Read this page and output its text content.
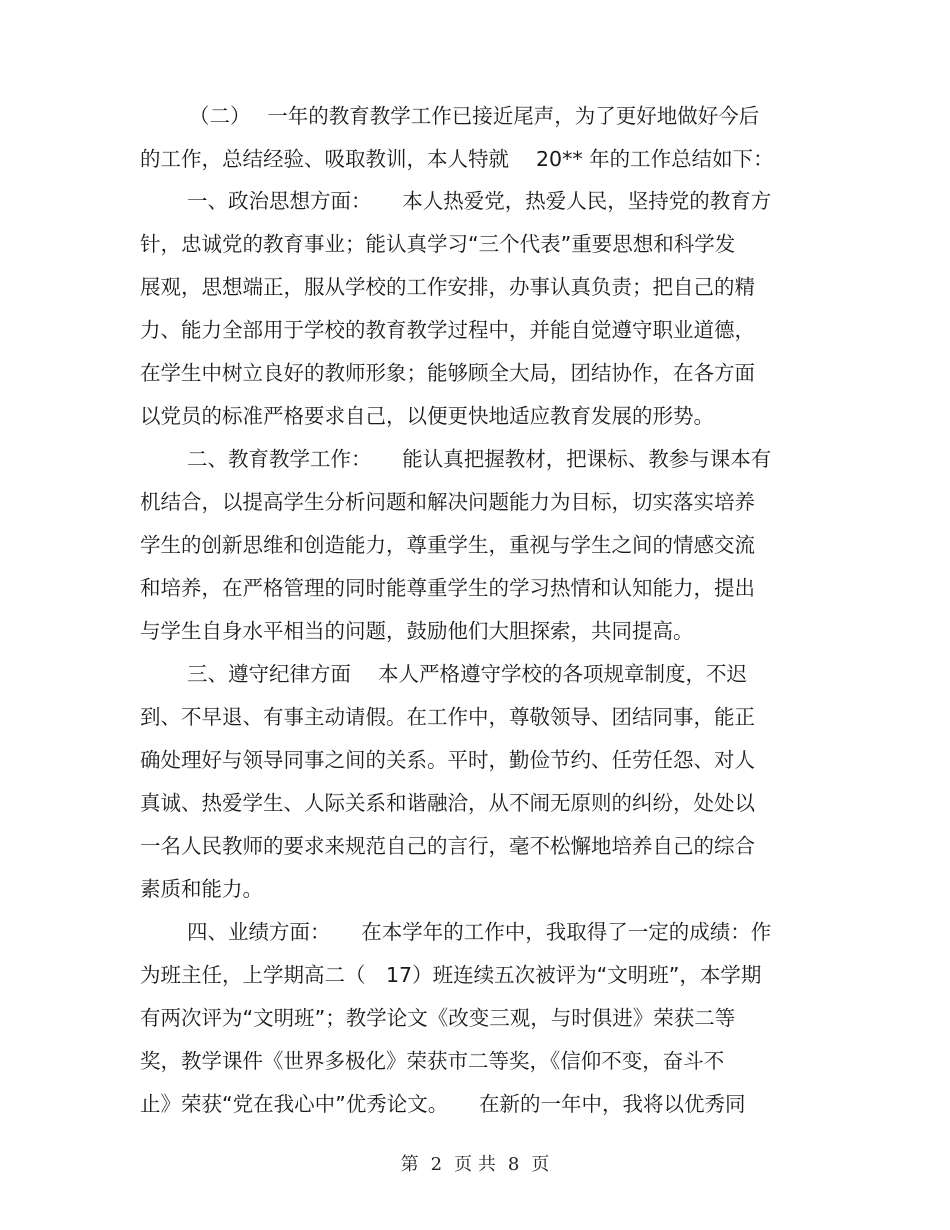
（二）　 一年的教育教学工作已接近尾声，为了更好地做好今后
的工作，总结经验、吸取教训，本人特就　 20** 年的工作总结如下：
一、政治思想方面：　　本人热爱党，热爱人民，坚持党的教育方
针，忠诚党的教育事业；能认真学习“三个代表”重要思想和科学发
展观，思想端正，服从学校的工作安排，办事认真负责；把自己的精
力、能力全部用于学校的教育教学过程中，并能自觉遵守职业道德，
在学生中树立良好的教师形象；能够顾全大局，团结协作，在各方面
以党员的标准严格要求自己，以便更快地适应教育发展的形势。
二、教育教学工作：　　能认真把握教材，把课标、教参与课本有
机结合，以提高学生分析问题和解决问题能力为目标，切实落实培养
学生的创新思维和创造能力，尊重学生，重视与学生之间的情感交流
和培养，在严格管理的同时能尊重学生的学习热情和认知能力，提出
与学生自身水平相当的问题，鼓励他们大胆探索，共同提高。
三、遵守纪律方面　 本人严格遵守学校的各项规章制度，不迟
到、不早退、有事主动请假。在工作中，尊敬领导、团结同事，能正
确处理好与领导同事之间的关系。平时，勤俭节约、任劳任怨、对人
真诚、热爱学生、人际关系和谐融洽，从不闹无原则的纠纷，处处以
一名人民教师的要求来规范自己的言行，毫不松懈地培养自己的综合
素质和能力。
四、业绩方面：　　在本学年的工作中，我取得了一定的成绩：作
为班主任，上学期高二（　17）班连续五次被评为“文明班”，本学期
有两次评为“文明班”；教学论文《改变三观，与时俱进》荣获二等
奖，教学课件《世界多极化》荣获市二等奖，《信仰不变，奋斗不
止》荣获“党在我心中”优秀论文。　　在新的一年中，我将以优秀同
第 2 页 共 8 页
